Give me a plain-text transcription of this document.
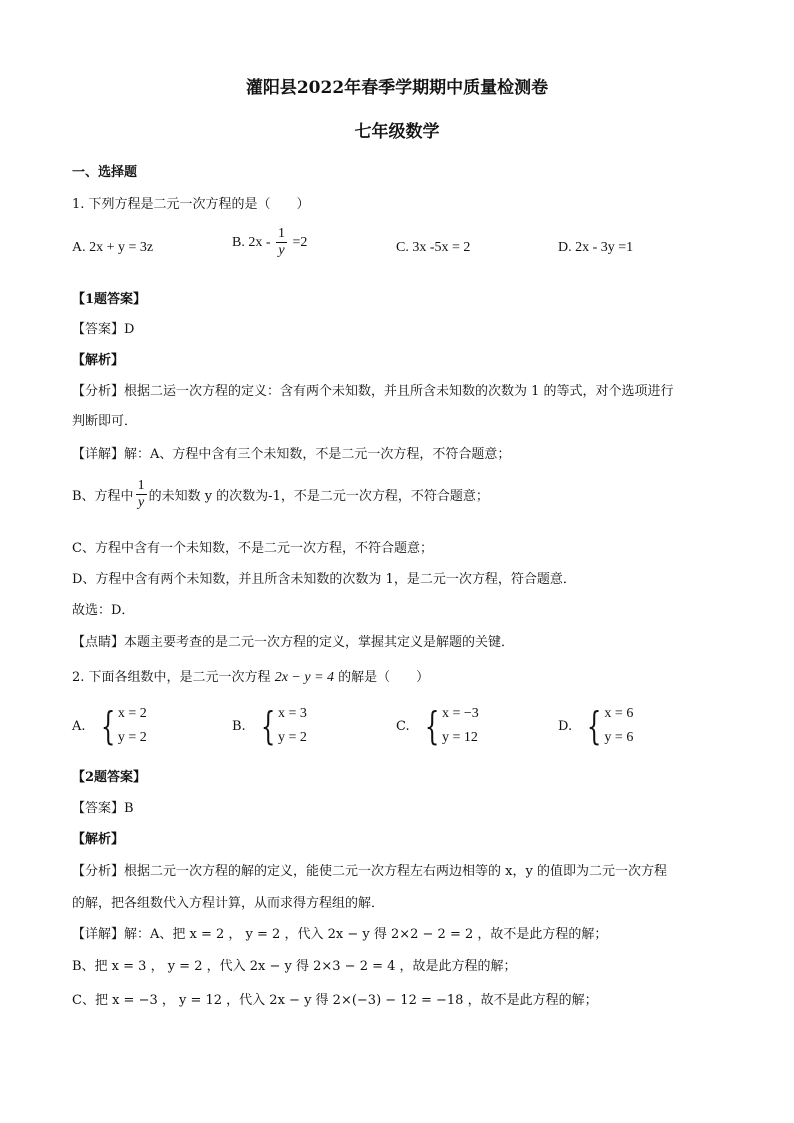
灌阳县2022年春季学期期中质量检测卷
七年级数学
一、选择题
1. 下列方程是二元一次方程的是（　　）
A. 2x + y = 3z	B. $2x - \frac{1}{y} =2$	C. 3x -5x = 2	D. 2x - 3y =1
【1题答案】
【答案】D
【解析】
【分析】根据二运一次方程的定义：含有两个未知数，并且所含未知数的次数为 1 的等式，对个选项进行
判断即可．
【详解】解：A、方程中含有三个未知数，不是二元一次方程，不符合题意；
B、方程中 $\frac{1}{y}$ 的未知数 y 的次数为-1，不是二元一次方程，不符合题意；
C、方程中含有一个未知数，不是二元一次方程，不符合题意；
D、方程中含有两个未知数，并且所含未知数的次数为 1，是二元一次方程，符合题意．
故选：D．
【点睛】本题主要考查的是二元一次方程的定义，掌握其定义是解题的关键．
2. 下面各组数中，是二元一次方程 2x − y = 4 的解是（　　）
A. { x = 2
y = 2
B. { x = 3
y = 2
C. { x = −3
y = 12
D. { x = 6
y = 6
【2题答案】
【答案】B
【解析】
【分析】根据二元一次方程的解的定义，能使二元一次方程左右两边相等的 x，y 的值即为二元一次方程
的解，把各组数代入方程计算，从而求得方程组的解．
【详解】解：A、把 x = 2 ， y = 2 ，代入 2x − y 得 2×2 − 2 = 2 ，故不是此方程的解；
B、把 x = 3 ， y = 2 ，代入 2x − y 得 2×3 − 2 = 4 ，故是此方程的解；
C、把 x = −3 ， y = 12 ，代入 2x − y 得 2×(−3) − 12 = −18 ，故不是此方程的解；
